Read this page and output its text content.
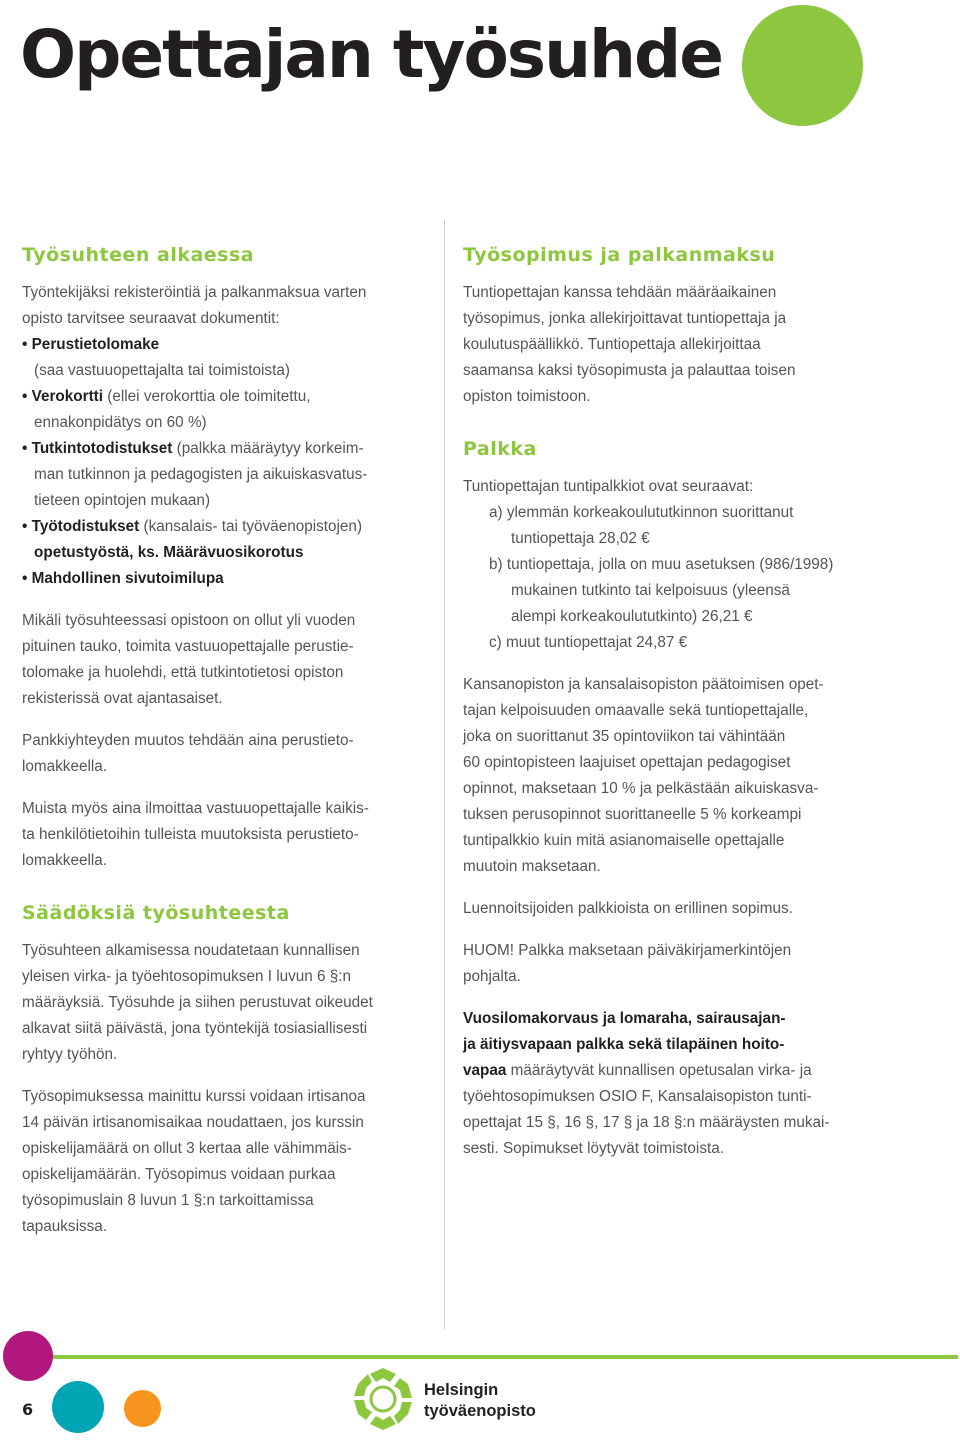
Opettajan työsuhde
Työsuhteen alkaessa
Työntekijäksi rekisteröintiä ja palkanmaksua varten
opisto tarvitsee seuraavat dokumentit:
• Perustietolomake
(saa vastuuopettajalta tai toimistoista)
• Verokortti (ellei verokorttia ole toimitettu,
ennakonpidätys on 60 %)
• Tutkintotodistukset (palkka määräytyy korkeim-
man tutkinnon ja pedagogisten ja aikuiskasvatus-
tieteen opintojen mukaan)
• Työtodistukset (kansalais- tai työväenopistojen)
opetustyöstä, ks. Määrävuosikorotus
• Mahdollinen sivutoimilupa

Mikäli työsuhteessasi opistoon on ollut yli vuoden
pituinen tauko, toimita vastuuopettajalle perustie-
tolomake ja huolehdi, että tutkintotietosi opiston
rekisterissä ovat ajantasaiset.

Pankkiyhteyden muutos tehdään aina perustieto-
lomakkeella.

Muista myös aina ilmoittaa vastuuopettajalle kaikis-
ta henkilötietoihin tulleista muutoksista perustieto-
lomakkeella.

Säädöksiä työsuhteesta

Työsuhteen alkamisessa noudatetaan kunnallisen
yleisen virka- ja työehtosopimuksen I luvun 6 §:n
määräyksiä. Työsuhde ja siihen perustuvat oikeudet
alkavat siitä päivästä, jona työntekijä tosiasiallisesti
ryhtyy työhön.

Työsopimuksessa mainittu kurssi voidaan irtisanoa
14 päivän irtisanomisaikaa noudattaen, jos kurssin
opiskelijamäärä on ollut 3 kertaa alle vähimmäis-
opiskelijamäärän. Työsopimus voidaan purkaa
työsopimuslain 8 luvun 1 §:n tarkoittamissa
tapauksissa.

Työsopimus ja palkanmaksu

Tuntiopettajan kanssa tehdään määräaikainen
työsopimus, jonka allekirjoittavat tuntiopettaja ja
koulutuspäällikkö. Tuntiopettaja allekirjoittaa
saamansa kaksi työsopimusta ja palauttaa toisen
opiston toimistoon.

Palkka
Tuntiopettajan tuntipalkkiot ovat seuraavat:
a) ylemmän korkeakoulututkinnon suorittanut
tuntiopettaja 28,02 €
b) tuntiopettaja, jolla on muu asetuksen (986/1998)
mukainen tutkinto tai kelpoisuus (yleensä
alempi korkeakoulututkinto) 26,21 €
c) muut tuntiopettajat 24,87 €

Kansanopiston ja kansalaisopiston päätoimisen opet-
tajan kelpoisuuden omaavalle sekä tuntiopettajalle,
joka on suorittanut 35 opintoviikon tai vähintään
60 opintopisteen laajuiset opettajan pedagogiset
opinnot, maksetaan 10 % ja pelkästään aikuiskasva-
tuksen perusopinnot suorittaneelle 5 % korkeampi
tuntipalkkio kuin mitä asianomaiselle opettajalle
muutoin maksetaan.

Luennoitsijoiden palkkioista on erillinen sopimus.

HUOM! Palkka maksetaan päiväkirjamerkintöjen
pohjalta.

Vuosilomakorvaus ja lomaraha, sairausajan-
ja äitiysvapaan palkka sekä tilapäinen hoito-
vapaa määräytyvät kunnallisen opetusalan virka- ja
työehtosopimuksen OSIO F, Kansalaisopiston tunti-
opettajat 15 §, 16 §, 17 § ja 18 §:n määräysten mukai-
sesti. Sopimukset löytyvät toimistoista.

6
Helsingin
työväenopisto
